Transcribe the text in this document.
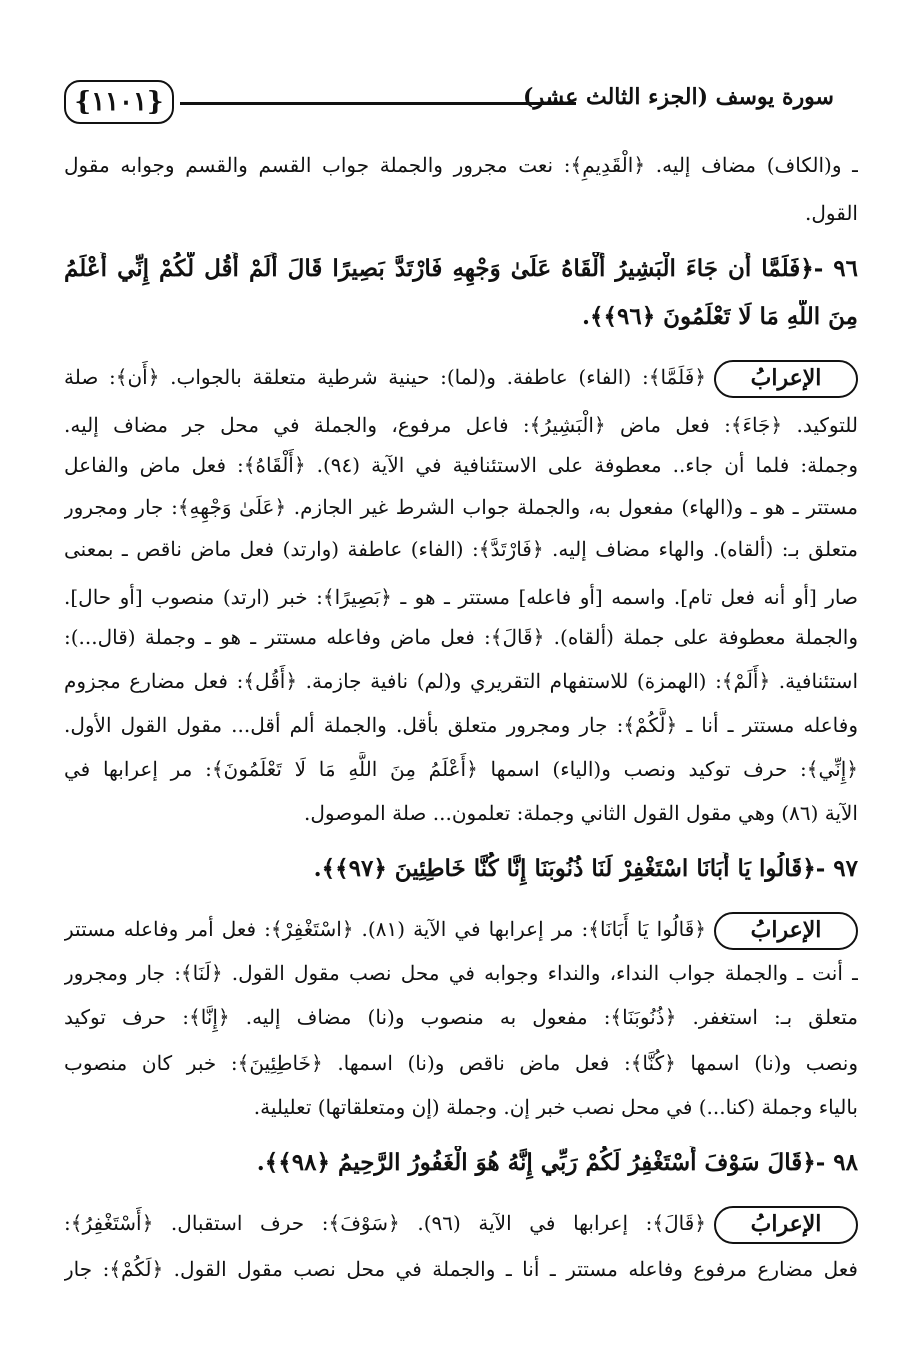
{١١٠١}	سورة يوسف (الجزء الثالث عشر)
ـ و(الكاف) مضاف إليه. ﴿الْقَدِيمِ﴾: نعت مجرور والجملة جواب القسم والقسم وجوابه مقول
القول.
٩٦ -﴿فَلَمَّا أَن جَاءَ الْبَشِيرُ أَلْقَاهُ عَلَىٰ وَجْهِهِ فَارْتَدَّ بَصِيرًا قَالَ أَلَمْ أَقُل لَّكُمْ إِنِّي أَعْلَمُ
مِنَ اللَّهِ مَا لَا تَعْلَمُونَ ﴿٩٦﴾﴾.
الإعرابُ
﴿فَلَمَّا﴾: (الفاء) عاطفة. و(لما): حينية شرطية متعلقة بالجواب. ﴿أَن﴾: صلة
للتوكيد. ﴿جَاءَ﴾: فعل ماض ﴿الْبَشِيرُ﴾: فاعل مرفوع، والجملة في محل جر مضاف إليه.
وجملة: فلما أن جاء.. معطوفة على الاستئنافية في الآية (٩٤). ﴿أَلْقَاهُ﴾: فعل ماض والفاعل
مستتر ـ هو ـ و(الهاء) مفعول به، والجملة جواب الشرط غير الجازم. ﴿عَلَىٰ وَجْهِهِ﴾: جار ومجرور
متعلق بـ: (ألقاه). والهاء مضاف إليه. ﴿فَارْتَدَّ﴾: (الفاء) عاطفة (وارتد) فعل ماض ناقص ـ بمعنى
صار [أو أنه فعل تام]. واسمه [أو فاعله] مستتر ـ هو ـ ﴿بَصِيرًا﴾: خبر (ارتد) منصوب [أو حال].
والجملة معطوفة على جملة (ألقاه). ﴿قَالَ﴾: فعل ماض وفاعله مستتر ـ هو ـ وجملة (قال...):
استئنافية. ﴿أَلَمْ﴾: (الهمزة) للاستفهام التقريري و(لم) نافية جازمة. ﴿أَقُل﴾: فعل مضارع مجزوم
وفاعله مستتر ـ أنا ـ ﴿لَّكُمْ﴾: جار ومجرور متعلق بأقل. والجملة ألم أقل... مقول القول الأول.
﴿إِنِّي﴾: حرف توكيد ونصب و(الياء) اسمها ﴿أَعْلَمُ مِنَ اللَّهِ مَا لَا تَعْلَمُونَ﴾: مر إعرابها في
الآية (٨٦) وهي مقول القول الثاني وجملة: تعلمون... صلة الموصول.
٩٧ -﴿قَالُوا يَا أَبَانَا اسْتَغْفِرْ لَنَا ذُنُوبَنَا إِنَّا كُنَّا خَاطِئِينَ ﴿٩٧﴾﴾.
الإعرابُ
﴿قَالُوا يَا أَبَانَا﴾: مر إعرابها في الآية (٨١). ﴿اسْتَغْفِرْ﴾: فعل أمر وفاعله مستتر
ـ أنت ـ والجملة جواب النداء، والنداء وجوابه في محل نصب مقول القول. ﴿لَنَا﴾: جار ومجرور
متعلق بـ: استغفر. ﴿ذُنُوبَنَا﴾: مفعول به منصوب و(نا) مضاف إليه. ﴿إِنَّا﴾: حرف توكيد
ونصب و(نا) اسمها ﴿كُنَّا﴾: فعل ماض ناقص و(نا) اسمها. ﴿خَاطِئِينَ﴾: خبر كان منصوب
بالياء وجملة (كنا...) في محل نصب خبر إن. وجملة (إن ومتعلقاتها) تعليلية.
٩٨ -﴿قَالَ سَوْفَ أَسْتَغْفِرُ لَكُمْ رَبِّي إِنَّهُ هُوَ الْغَفُورُ الرَّحِيمُ ﴿٩٨﴾﴾.
الإعرابُ
﴿قَالَ﴾: إعرابها في الآية (٩٦). ﴿سَوْفَ﴾: حرف استقبال. ﴿أَسْتَغْفِرُ﴾:
فعل مضارع مرفوع وفاعله مستتر ـ أنا ـ والجملة في محل نصب مقول القول. ﴿لَكُمْ﴾: جار
